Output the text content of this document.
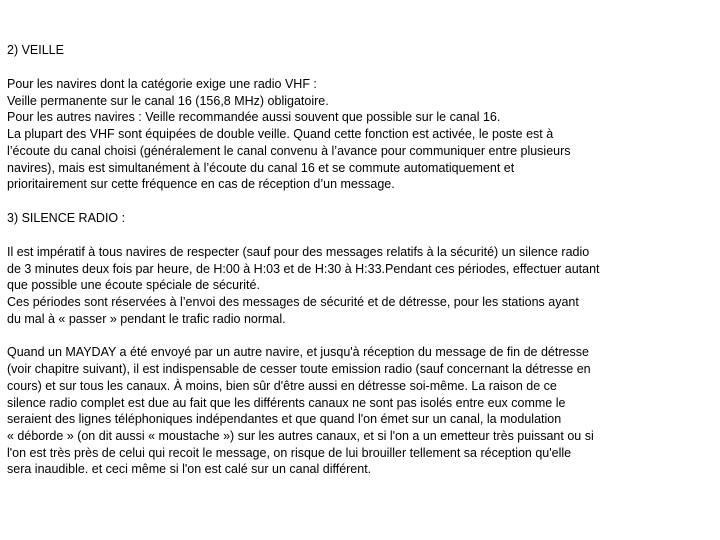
2) VEILLE
Pour les navires dont la catégorie exige une radio VHF :
Veille permanente sur le canal 16 (156,8 MHz) obligatoire.
Pour les autres navires : Veille recommandée aussi souvent que possible sur le canal 16.
La plupart des VHF sont équipées de double veille. Quand cette fonction est activée, le poste est à
l’écoute du canal choisi (généralement le canal convenu à l’avance pour communiquer entre plusieurs
navires), mais est simultanément à l’écoute du canal 16 et se commute automatiquement et
prioritairement sur cette fréquence en cas de réception d’un message.
3) SILENCE RADIO :
Il est impératif à tous navires de respecter (sauf pour des messages relatifs à la sécurité) un silence radio
de 3 minutes deux fois par heure, de H:00 à H:03 et de H:30 à H:33.Pendant ces périodes, effectuer autant
que possible une écoute spéciale de sécurité.
Ces périodes sont réservées à l’envoi des messages de sécurité et de détresse, pour les stations ayant
du mal à « passer » pendant le trafic radio normal.
Quand un MAYDAY a été envoyé par un autre navire, et jusqu'à réception du message de fin de détresse
(voir chapitre suivant), il est indispensable de cesser toute emission radio (sauf concernant la détresse en
cours) et sur tous les canaux. À moins, bien sûr d'être aussi en détresse soi-même. La raison de ce
silence radio complet est due au fait que les différents canaux ne sont pas isolés entre eux comme le
seraient des lignes téléphoniques indépendantes et que quand l'on émet sur un canal, la modulation
« déborde » (on dit aussi « moustache ») sur les autres canaux, et si l'on a un emetteur très puissant ou si
l'on est très près de celui qui recoit le message, on risque de lui brouiller tellement sa réception qu'elle
sera inaudible. et ceci même si l'on est calé sur un canal différent.
